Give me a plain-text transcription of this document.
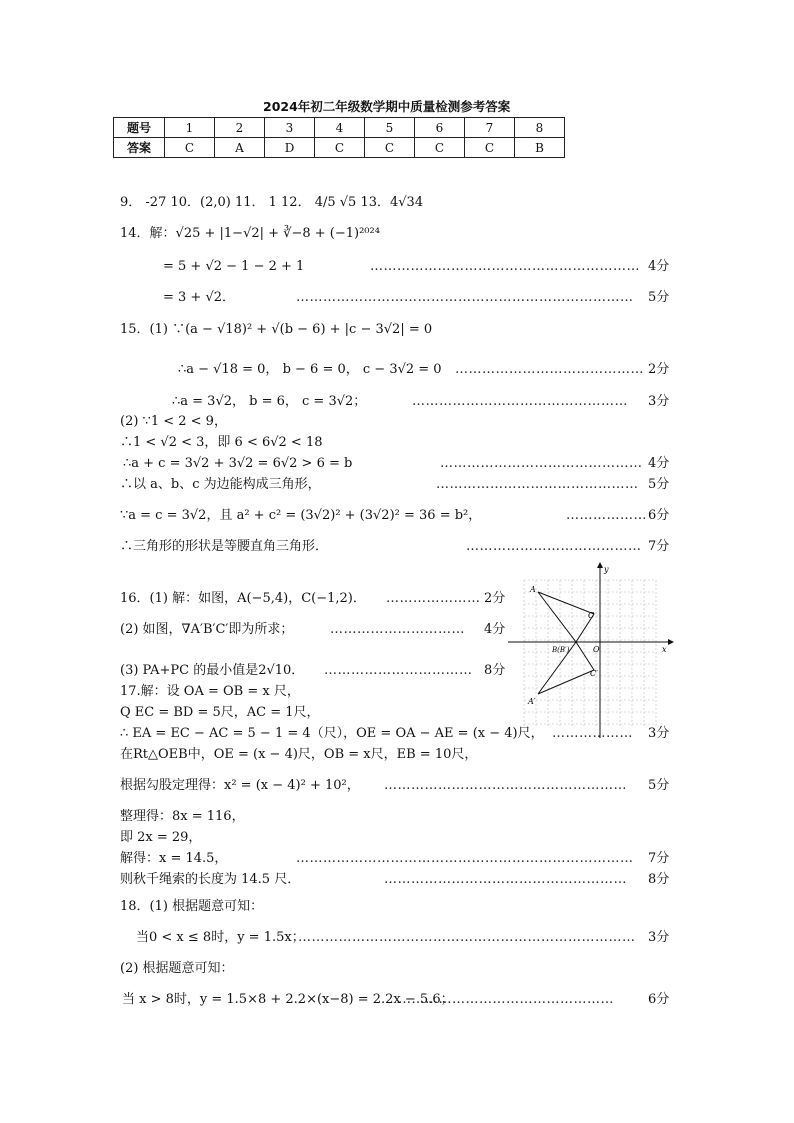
2024年初二年级数学期中质量检测参考答案
题号	1	2	3	4	5	6	7	8
答案	C	A	D	C	C	C	C	B
9． -27 10．(2,0) 11． 1 12． 4/5 √5 13．4√34
14．解：√25 + |1−√2| + ∛−8 + (−1)²⁰²⁴
= 5 + √2 − 1 − 2 + 1	…………………………………………………… 4分
= 3 + √2．	………………………………………………………………… 5分
15．(1) ∵(a − √18)² + √(b − 6) + |c − 3√2| = 0
∴a − √18 = 0， b − 6 = 0， c − 3√2 = 0 …………………………………… 2分
∴a = 3√2， b = 6， c = 3√2；	………………………………………… 3分
(2) ∵1 < 2 < 9，
∴1 < √2 < 3，即 6 < 6√2 < 18
∴a + c = 3√2 + 3√2 = 6√2 > 6 = b	……………………………………… 4分
∴以 a、b、c 为边能构成三角形，	……………………………………… 5分
∵a = c = 3√2，且 a² + c² = (3√2)² + (3√2)² = 36 = b²，	……………… 6分
∴三角形的形状是等腰直角三角形．	………………………………… 7分
16．(1) 解：如图，A(−5,4)，C(−1,2)． ………………… 2分
(2) 如图，∇A′B′C′即为所求；	………………………… 4分
(3) PA+PC 的最小值是2√10． …………………………… 8分
y
x
O
A
C
B(B′)
A′
C′
17.解：设 OA = OB = x 尺，
Q EC = BD = 5尺，AC = 1尺，
∴ EA = EC − AC = 5 − 1 = 4（尺），OE = OA − AE = (x − 4)尺， ……………… 3分
在Rt△OEB中，OE = (x − 4)尺，OB = x尺，EB = 10尺，
根据勾股定理得：x² = (x − 4)² + 10²， ……………………………………………… 5分
整理得：8x = 116，
即 2x = 29，
解得：x = 14.5，	………………………………………………………………… 7分
则秋千绳索的长度为 14.5 尺．	……………………………………………… 8分
18．(1) 根据题意可知：
当0 < x ≤ 8时，y = 1.5x；
………………………………………………………………… 3分
(2) 根据题意可知：
当 x > 8时，y = 1.5×8 + 2.2×(x−8) = 2.2x − 5.6；
…………………………………………	6分
